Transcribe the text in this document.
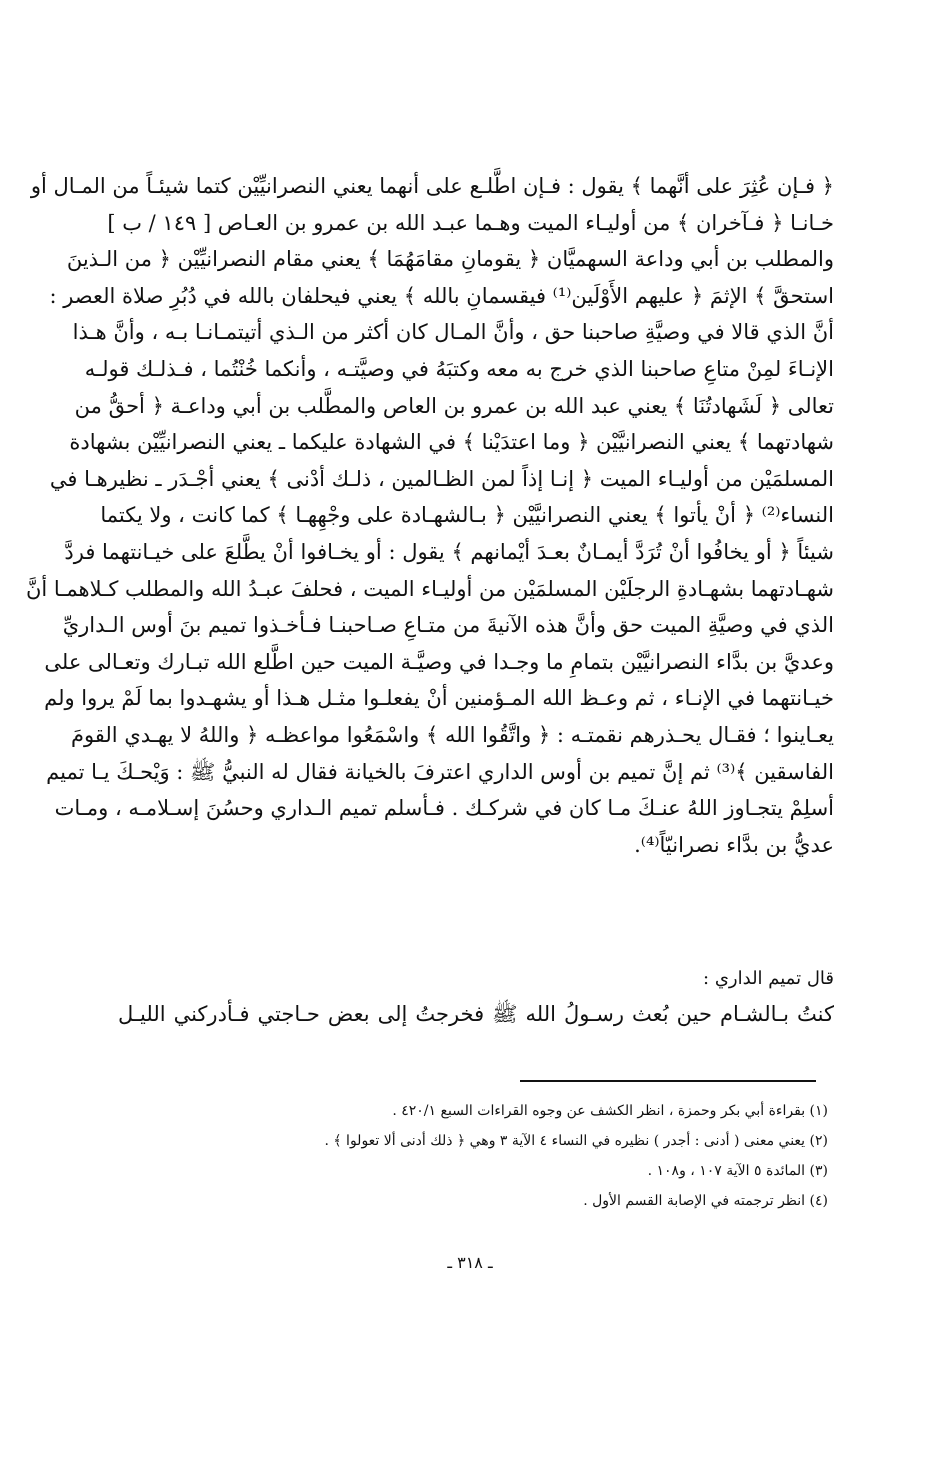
﴿ فـإن عُثِرَ على أنَّهما ﴾ يقول : فـإن اطَّلـع على أنهما يعني النصرانيِّيْن كتما شيئـاً من المـال أو
خـانـا ﴿ فـآخران ﴾ من أوليـاء الميت وهـما عبـد الله بن عمرو بن العـاص [ ١٤٩ / ب ]
والمطلب بن أبي وداعة السهميَّان ﴿ يقومانِ مقامَهُمَا ﴾ يعني مقام النصرانيِّيْن ﴿ من الـذينَ
استحقَّ ﴾ الإثمَ ﴿ عليهم الأَوْلَين⁽¹⁾ فيقسمانِ بالله ﴾ يعني فيحلفان بالله في دُبُرِ صلاة العصر :
أنَّ الذي قالا في وصيَّةِ صاحبنا حق ، وأنَّ المـال كان أكثر من الـذي أتيتمـانـا بـه ، وأنَّ هـذا
الإنـاءَ لمِنْ متاعِ صاحبنا الذي خرج به معه وكتبَهُ في وصيَّتـه ، وأنكما خُنْتُما ، فـذلـك قولـه
تعالى ﴿ لَشَهادتُنَا ﴾ يعني عبد الله بن عمرو بن العاص والمطَّلب بن أبي وداعـة ﴿ أحقُّ من
شهادتهما ﴾ يعني النصرانيَّيْن ﴿ وما اعتدَيْنا ﴾ في الشهادة عليكما ـ يعني النصرانيِّيْن بشهادة
المسلمَيْن من أوليـاء الميت ﴿ إنـا إذاً لمن الظـالمين ، ذلـك أدْنى ﴾ يعني أجْـدَر ـ نظيرهـا في
النساء⁽²⁾ ﴿ أنْ يأتوا ﴾ يعني النصرانيَّيْن ﴿ بـالشهـادة على وجْهِهـا ﴾ كما كانت ، ولا يكتما
شيئاً ﴿ أو يخافُوا أنْ تُرَدَّ أيمـانٌ بعـدَ أيْمانهم ﴾ يقول : أو يخـافوا أنْ يطَّلعَ على خيـانتهما فردَّ
شهـادتهما بشهـادةِ الرجلَيْن المسلمَيْن من أوليـاء الميت ، فحلفَ عبـدُ الله والمطلب كـلاهمـا أنَّ
الذي في وصيَّةِ الميت حق وأنَّ هذه الآنيةَ من متـاعِ صـاحبنـا فـأخـذوا تميم بنَ أوس الـداريِّ
وعديَّ بن بدَّاء النصرانيَّيْن بتمامِ ما وجـدا في وصيَّـة الميت حين اطَّلع الله تبـارك وتعـالى على
خيـانتهما في الإنـاء ، ثم وعـظ الله المـؤمنين أنْ يفعلـوا مثـل هـذا أو يشهـدوا بما لَمْ يروا ولم
يعـاينوا ؛ فقـال يحـذرهم نقمتـه : ﴿ واتَّقُوا الله ﴾ واسْمَعُوا مواعظـه ﴿ واللهُ لا يهـدي القومَ
الفاسقين ﴾⁽³⁾ ثم إنَّ تميم بن أوس الداري اعترفَ بالخيانة فقال له النبيُّ ﷺ : وَيْحـكَ يـا تميم
أسلِمْ يتجـاوز اللهُ عنـكَ مـا كان في شركـك . فـأسلم تميم الـداري وحسُنَ إسـلامـه ، ومـات
عديُّ بن بدَّاء نصرانيّاً⁽⁴⁾.
قال تميم الداري :
كنتُ بـالشـام حين بُعث رسـولُ الله ﷺ فخرجتُ إلى بعض حـاجتي فـأدركني الليـل
(١) بقراءة أبي بكر وحمزة ، انظر الكشف عن وجوه القراءات السبع ٤٢٠/١ .
(٢) يعني معنى ( أدنى : أجدر ) نظيره في النساء ٤ الآية ٣ وهي ﴿ ذلك أدنى ألا تعولوا ﴾ .
(٣) المائدة ٥ الآية ١٠٧ ، و١٠٨ .
(٤) انظر ترجمته في الإصابة القسم الأول .
ـ ٣١٨ ـ
